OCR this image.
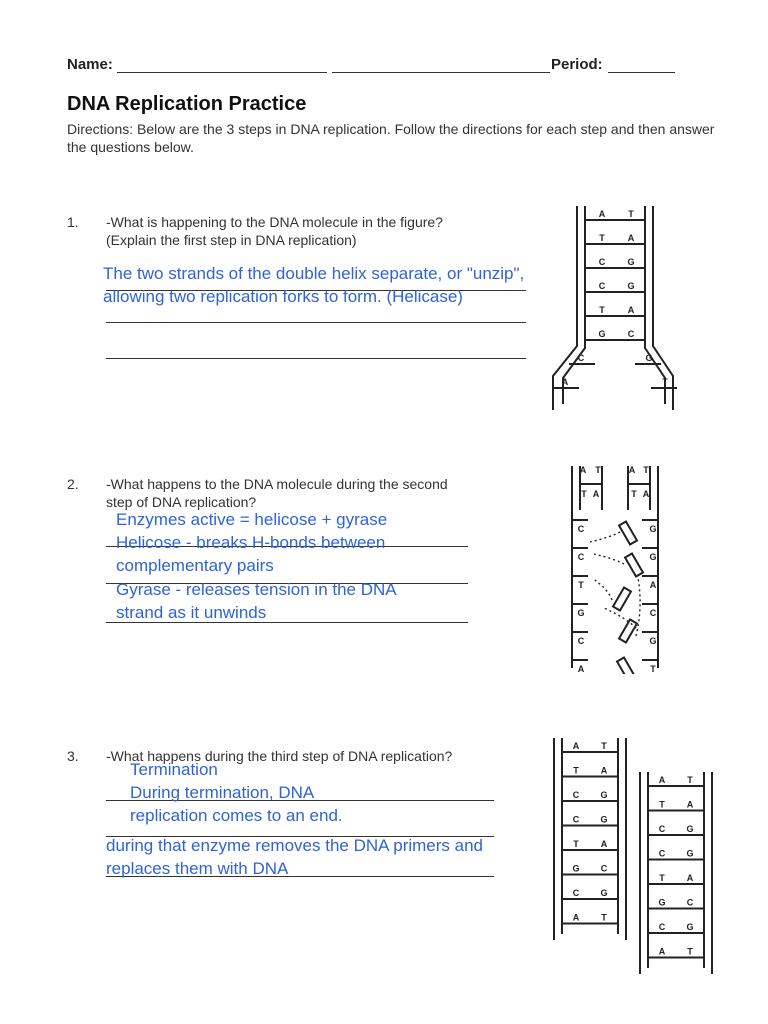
Name:	Period:
DNA Replication Practice
Directions: Below are the 3 steps in DNA replication. Follow the directions for each step and then answer the questions below.
1. -What is happening to the DNA molecule in the figure?
(Explain the first step in DNA replication)
The two strands of the double helix separate, or "unzip",
allowing two replication forks to form. (Helicase)
2. -What happens to the DNA molecule during the second
step of DNA replication?
Enzymes active = helicose + gyrase
Helicose - breaks H-bonds between
complementary pairs
Gyrase - releases tension in the DNA
strand as it unwinds
3. -What happens during the third step of DNA replication?
Termination
During termination, DNA
replication comes to an end.
during that enzyme removes the DNA primers and
replaces them with DNA
A	T
T	A
C G
C G
T	A
G C
C	G
A	T
A T	A T
T A	T A
C
C
T
G
C
A
G
G
A
C
G
T
A T
T A
C G
C G
T A
G C
C G
A T
A T
T A
C G
C G
T A
G C
C G
A T
